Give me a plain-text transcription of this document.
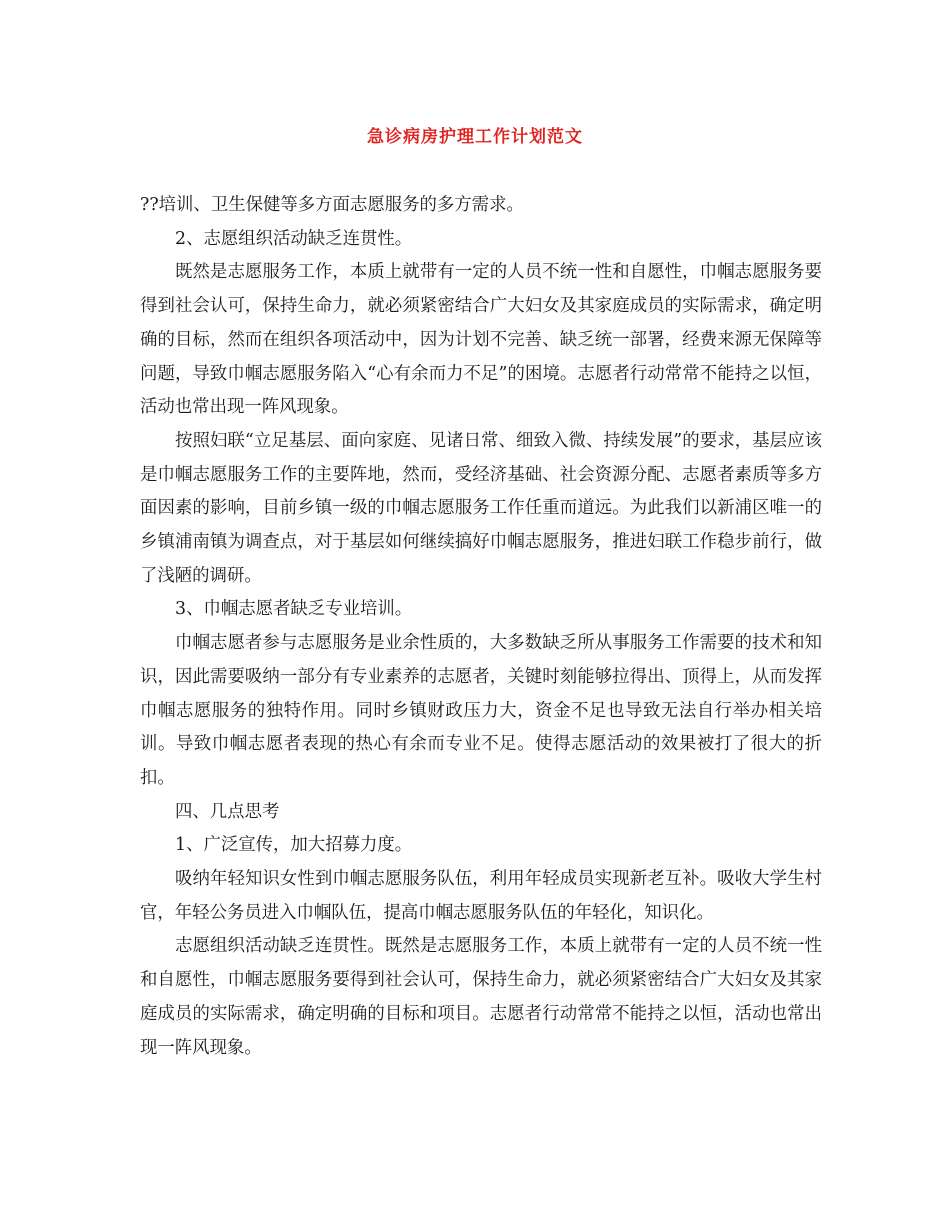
急诊病房护理工作计划范文

??培训、卫生保健等多方面志愿服务的多方需求。

2、志愿组织活动缺乏连贯性。

既然是志愿服务工作，本质上就带有一定的人员不统一性和自愿性，巾帼志愿服务要得到社会认可，保持生命力，就必须紧密结合广大妇女及其家庭成员的实际需求，确定明确的目标，然而在组织各项活动中，因为计划不完善、缺乏统一部署，经费来源无保障等问题，导致巾帼志愿服务陷入“心有余而力不足”的困境。志愿者行动常常不能持之以恒，活动也常出现一阵风现象。

按照妇联“立足基层、面向家庭、见诸日常、细致入微、持续发展”的要求，基层应该是巾帼志愿服务工作的主要阵地，然而，受经济基础、社会资源分配、志愿者素质等多方面因素的影响，目前乡镇一级的巾帼志愿服务工作任重而道远。为此我们以新浦区唯一的乡镇浦南镇为调查点，对于基层如何继续搞好巾帼志愿服务，推进妇联工作稳步前行，做了浅陋的调研。

3、巾帼志愿者缺乏专业培训。

巾帼志愿者参与志愿服务是业余性质的，大多数缺乏所从事服务工作需要的技术和知识，因此需要吸纳一部分有专业素养的志愿者，关键时刻能够拉得出、顶得上，从而发挥巾帼志愿服务的独特作用。同时乡镇财政压力大，资金不足也导致无法自行举办相关培训。导致巾帼志愿者表现的热心有余而专业不足。使得志愿活动的效果被打了很大的折扣。

四、几点思考

1、广泛宣传，加大招募力度。

吸纳年轻知识女性到巾帼志愿服务队伍，利用年轻成员实现新老互补。吸收大学生村官，年轻公务员进入巾帼队伍，提高巾帼志愿服务队伍的年轻化，知识化。

志愿组织活动缺乏连贯性。既然是志愿服务工作，本质上就带有一定的人员不统一性和自愿性，巾帼志愿服务要得到社会认可，保持生命力，就必须紧密结合广大妇女及其家庭成员的实际需求，确定明确的目标和项目。志愿者行动常常不能持之以恒，活动也常出现一阵风现象。
